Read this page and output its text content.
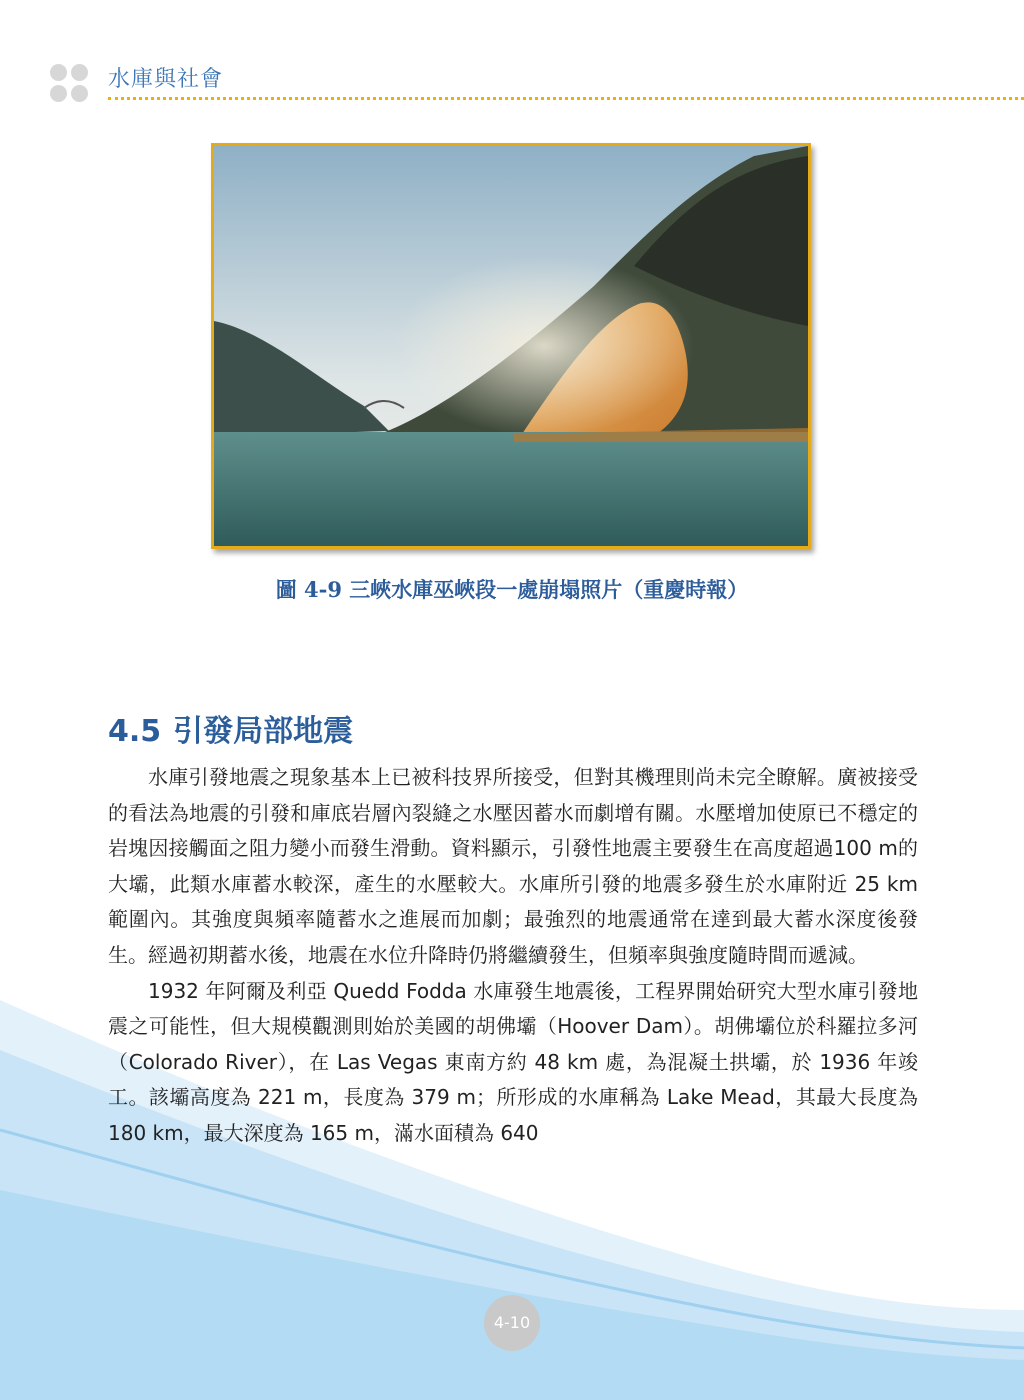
水庫與社會
圖 4-9 三峽水庫巫峽段一處崩塌照片（重慶時報）
4.5 引發局部地震

水庫引發地震之現象基本上已被科技界所接受，但對其機理則尚未完全瞭解。廣被接受的看法為地震的引發和庫底岩層內裂縫之水壓因蓄水而劇增有關。水壓增加使原已不穩定的岩塊因接觸面之阻力變小而發生滑動。資料顯示，引發性地震主要發生在高度超過100 m的大壩，此類水庫蓄水較深，產生的水壓較大。水庫所引發的地震多發生於水庫附近 25 km 範圍內。其強度與頻率隨蓄水之進展而加劇；最強烈的地震通常在達到最大蓄水深度後發生。經過初期蓄水後，地震在水位升降時仍將繼續發生，但頻率與強度隨時間而遞減。

1932 年阿爾及利亞 Quedd Fodda 水庫發生地震後，工程界開始研究大型水庫引發地震之可能性，但大規模觀測則始於美國的胡佛壩（Hoover Dam）。胡佛壩位於科羅拉多河（Colorado River），在 Las Vegas 東南方約 48 km 處，為混凝土拱壩，於 1936 年竣工。該壩高度為 221 m，長度為 379 m；所形成的水庫稱為 Lake Mead，其最大長度為 180 km，最大深度為 165 m，滿水面積為 640

4-10
